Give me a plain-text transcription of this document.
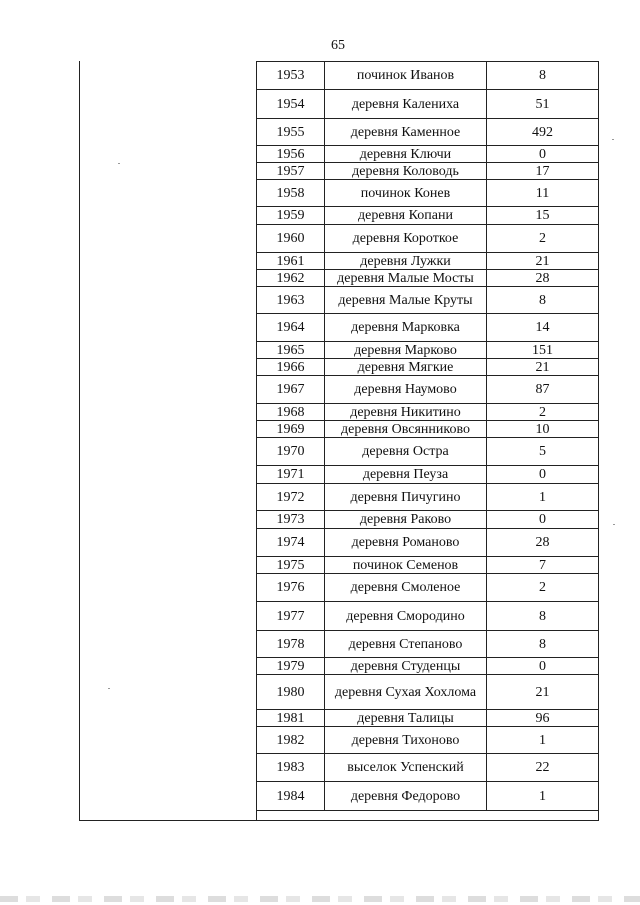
65
1953	починок Иванов	8
1954	деревня Калениха	51
1955	деревня Каменное	492
1956	деревня Ключи	0
1957	деревня Коловодь	17
1958	починок Конев	11
1959	деревня Копани	15
1960	деревня Короткое	2
1961	деревня Лужки	21
1962	деревня Малые Мосты	28
1963	деревня Малые Круты	8
1964	деревня Марковка	14
1965	деревня Марково	151
1966	деревня Мягкие	21
1967	деревня Наумово	87
1968	деревня Никитино	2
1969	деревня Овсянниково	10
1970	деревня Остра	5
1971	деревня Пеуза	0
1972	деревня Пичугино	1
1973	деревня Раково	0
1974	деревня Романово	28
1975	починок Семенов	7
1976	деревня Смоленое	2
1977	деревня Смородино	8
1978	деревня Степаново	8
1979	деревня Студенцы	0
1980	деревня Сухая Хохлома	21
1981	деревня Талицы	96
1982	деревня Тихоново	1
1983	выселок Успенский	22
1984	деревня Федорово	1
